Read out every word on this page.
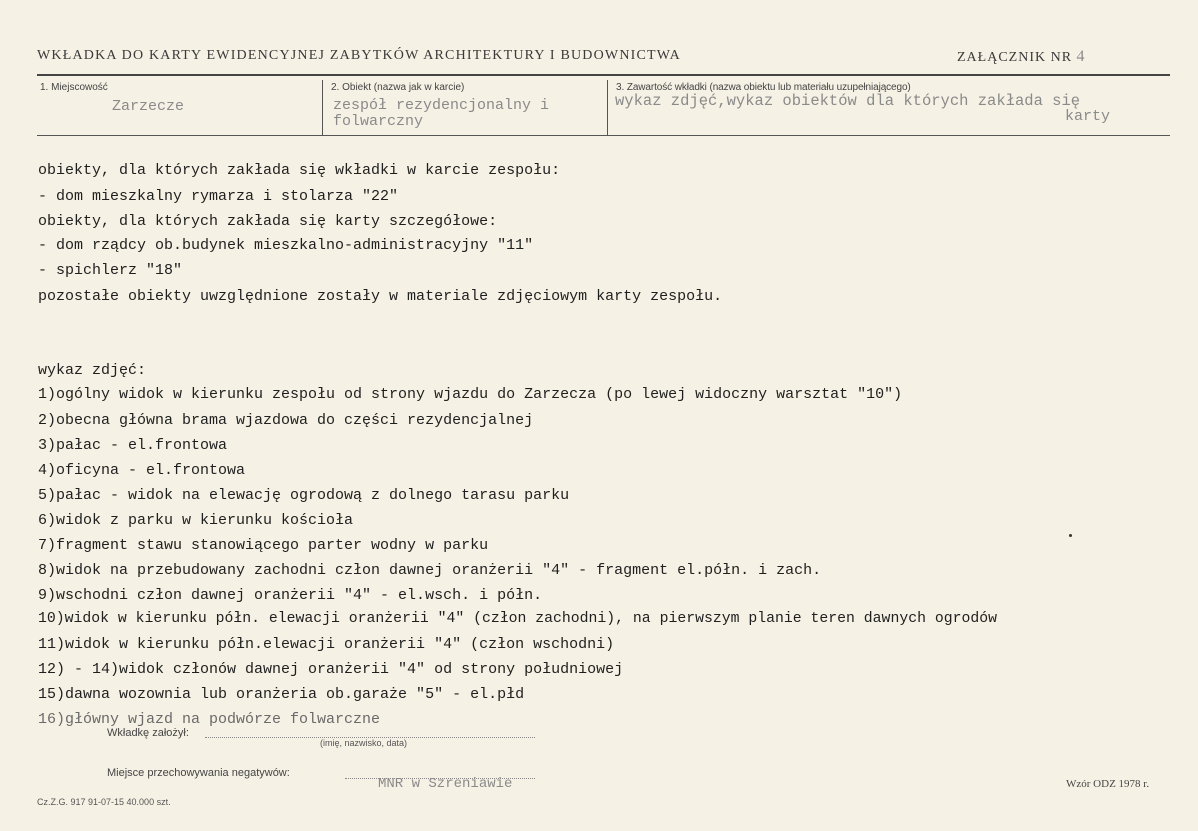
WKŁADKA DO KARTY EWIDENCYJNEJ ZABYTKÓW ARCHITEKTURY I BUDOWNICTWA	ZAŁĄCZNIK NR 4
1. Miejscowość
Zarzecze
2. Obiekt (nazwa jak w karcie)
zespół rezydencjonalny i
folwarczny
3. Zawartość wkładki (nazwa obiektu lub materiału uzupełniającego)
wykaz zdjęć,wykaz obiektów dla których zakłada się
karty
obiekty, dla których zakłada się wkładki w karcie zespołu:
- dom mieszkalny rymarza i stolarza "22"
obiekty, dla których zakłada się karty szczegółowe:
- dom rządcy ob.budynek mieszkalno-administracyjny "11"
- spichlerz "18"
pozostałe obiekty uwzględnione zostały w materiale zdjęciowym karty zespołu.
wykaz zdjęć:
1)ogólny widok w kierunku zespołu od strony wjazdu do Zarzecza (po lewej widoczny warsztat "10")
2)obecna główna brama wjazdowa do części rezydencjalnej
3)pałac - el.frontowa
4)oficyna - el.frontowa
5)pałac - widok na elewację ogrodową z dolnego tarasu parku
6)widok z parku w kierunku kościoła
7)fragment stawu stanowiącego parter wodny w parku
8)widok na przebudowany zachodni człon dawnej oranżerii "4" - fragment el.półn. i zach.
9)wschodni człon dawnej oranżerii "4" - el.wsch. i półn.
10)widok w kierunku półn. elewacji oranżerii "4" (człon zachodni), na pierwszym planie teren dawnych ogrodów
11)widok w kierunku półn.elewacji oranżerii "4" (człon wschodni)
12) - 14)widok członów dawnej oranżerii "4" od strony południowej
15)dawna wozownia lub oranżeria ob.garaże "5" - el.płd
16)główny wjazd na podwórze folwarczne
Wkładkę założył:
(imię, nazwisko, data)
Miejsce przechowywania negatywów:
MNR w Szreniawie
Cz.Z.G. 917 91-07-15 40.000 szt.
Wzór ODZ 1978 r.
